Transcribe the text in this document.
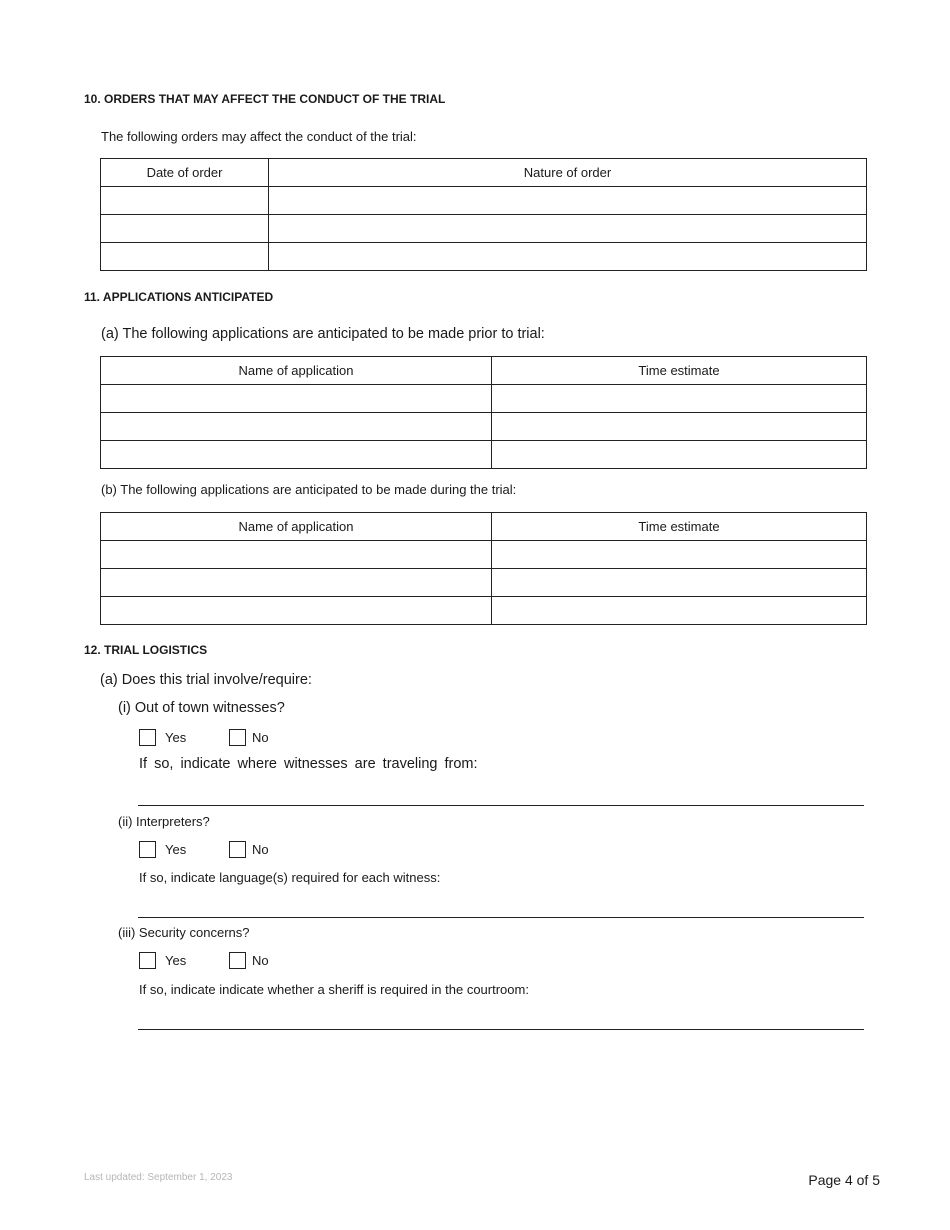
10. ORDERS THAT MAY AFFECT THE CONDUCT OF THE TRIAL
The following orders may affect the conduct of the trial:
Date of order	Nature of order

11. APPLICATIONS ANTICIPATED
(a) The following applications are anticipated to be made prior to trial:
Name of application	Time estimate

(b) The following applications are anticipated to be made during the trial:
Name of application	Time estimate

12. TRIAL LOGISTICS
(a) Does this trial involve/require:
(i) Out of town witnesses?
Yes	No
If so, indicate where witnesses are traveling from:
(ii) Interpreters?
Yes	No
If so, indicate language(s) required for each witness:
(iii) Security concerns?
Yes	No
If so, indicate indicate whether a sheriff is required in the courtroom:
Last updated: September 1, 2023	Page 4 of 5
